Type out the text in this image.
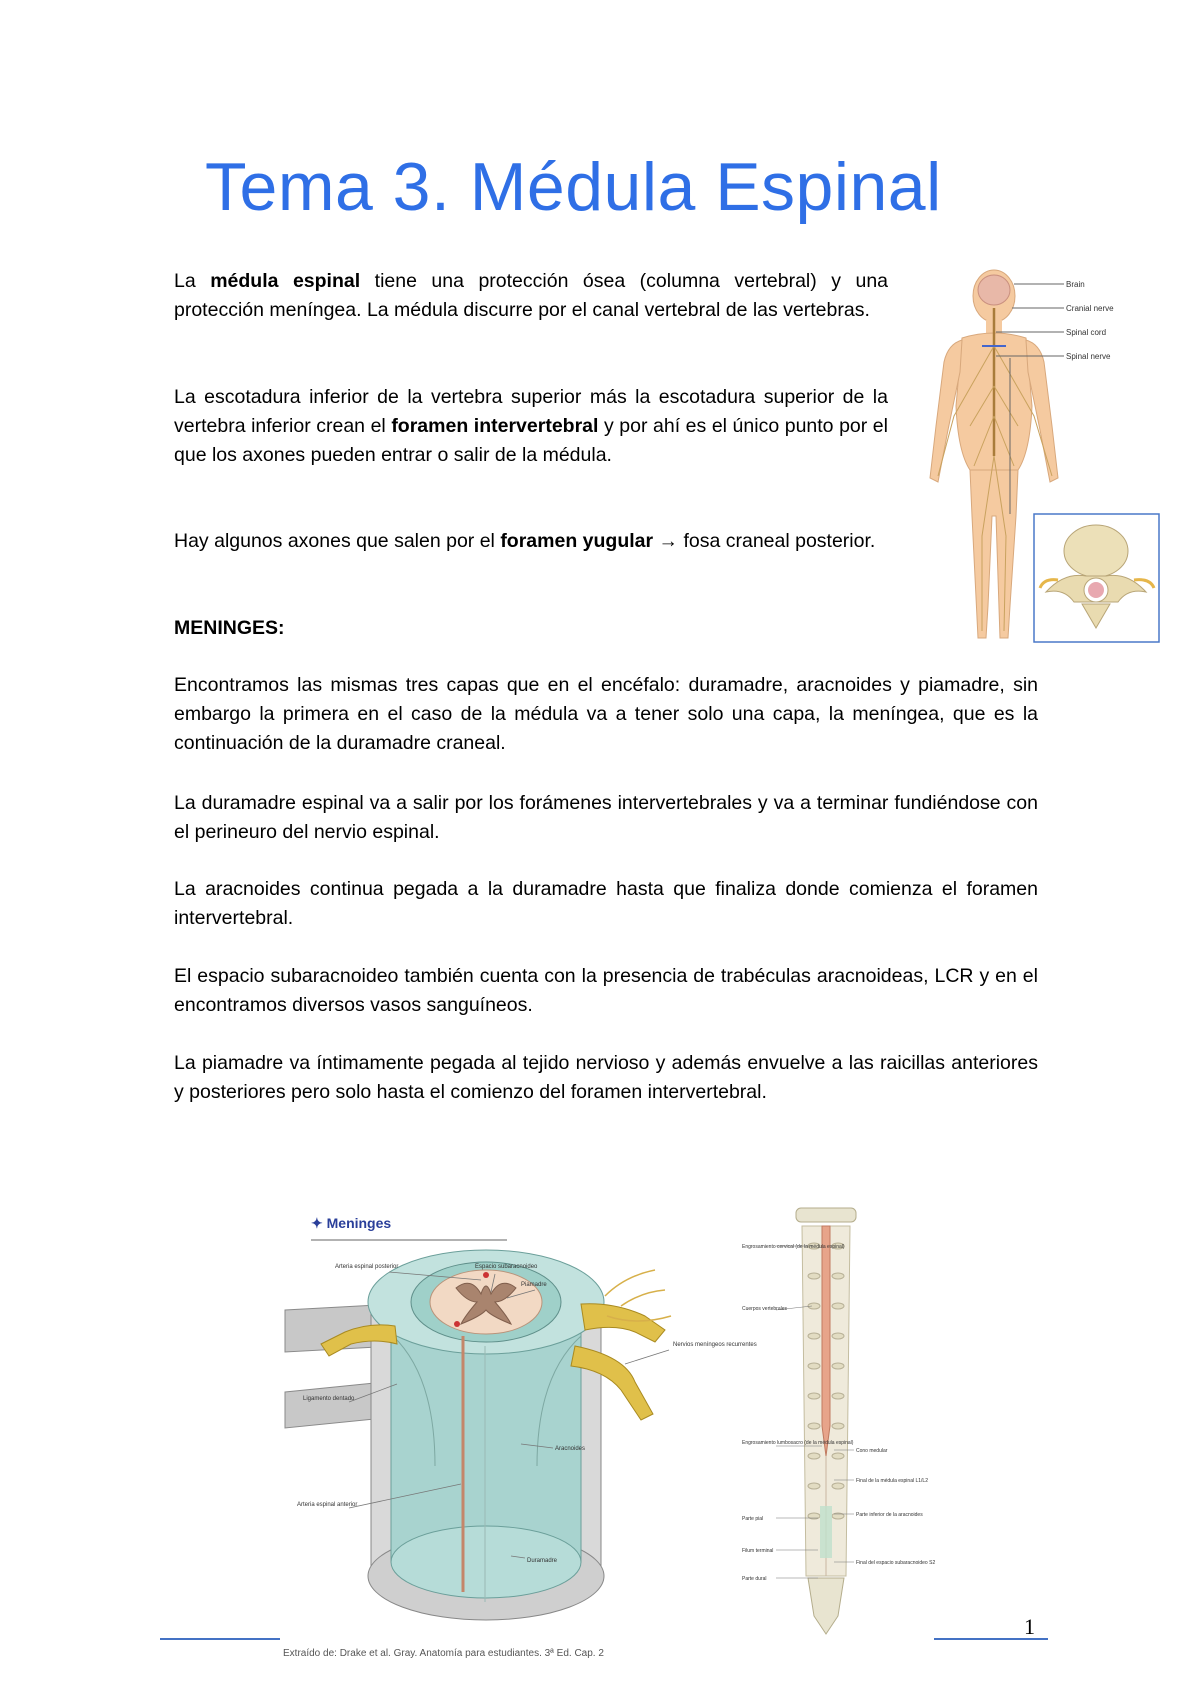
Tema 3. Médula Espinal

La médula espinal tiene una protección ósea (columna vertebral) y una protección meníngea. La médula discurre por el canal vertebral de las vertebras.

La escotadura inferior de la vertebra superior más la escotadura superior de la vertebra inferior crean el foramen intervertebral y por ahí es el único punto por el que los axones pueden entrar o salir de la médula.

Hay algunos axones que salen por el foramen yugular → fosa craneal posterior.

MENINGES:

Encontramos las mismas tres capas que en el encéfalo: duramadre, aracnoides y piamadre, sin embargo la primera en el caso de la médula va a tener solo una capa, la meníngea, que es la continuación de la duramadre craneal.

La duramadre espinal va a salir por los forámenes intervertebrales y va a terminar fundiéndose con el perineuro del nervio espinal.

La aracnoides continua pegada a la duramadre hasta que finaliza donde comienza el foramen intervertebral.

El espacio subaracnoideo también cuenta con la presencia de trabéculas aracnoideas, LCR y en el encontramos diversos vasos sanguíneos.

La piamadre va íntimamente pegada al tejido nervioso y además envuelve a las raicillas anteriores y posteriores pero solo hasta el comienzo del foramen intervertebral.

Brain
Cranial nerve
Spinal cord
Spinal nerve
✦ Meninges
Arteria espinal posterior	Espacio subaracnoideo
Piamadre
Nervios meníngeos recurrentes
Ligamento dentado
Aracnoides
Arteria espinal anterior
Duramadre
Engrosamiento cervical (de la médula espinal)
Cuerpos vertebrales
Engrosamiento lumbosacro (de la médula espinal)
Cono medular
Final de la médula espinal L1/L2
Parte inferior de la aracnoides
Parte pial
Filum terminal
Parte dural
Final del espacio subaracnoideo S2
Extraído de: Drake et al. Gray. Anatomía para estudiantes. 3ª Ed. Cap. 2
1
